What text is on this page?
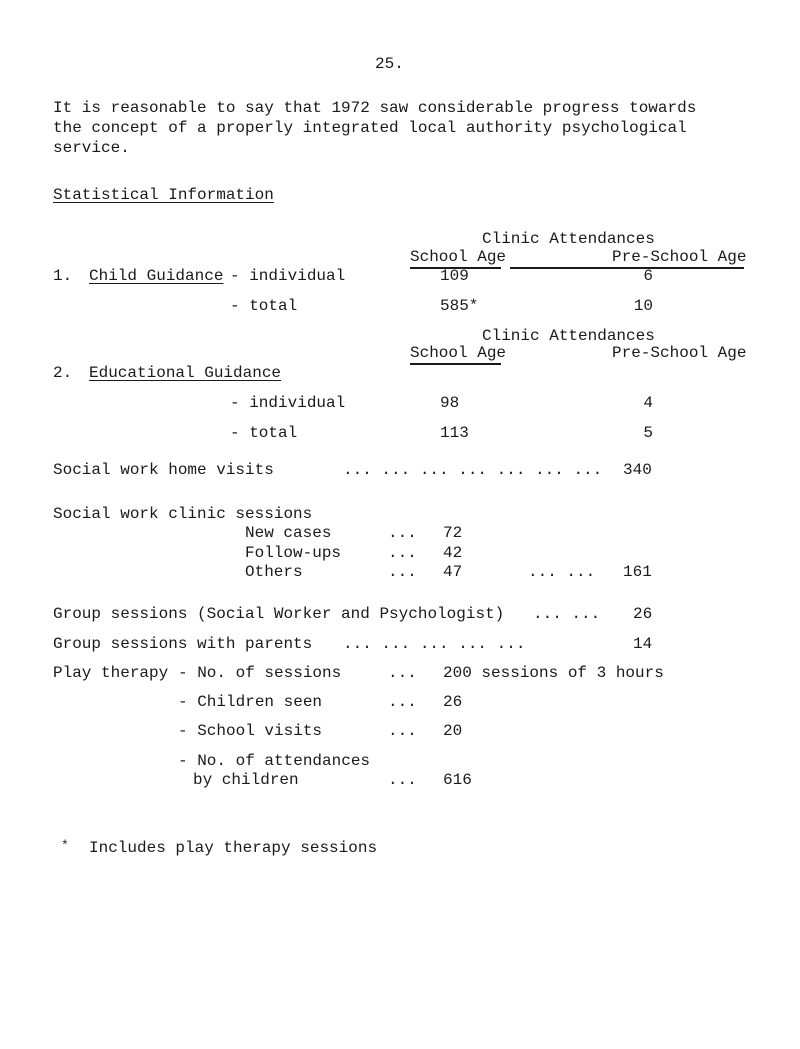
25.
It is reasonable to say that 1972 saw considerable progress towards
the concept of a properly integrated local authority psychological
service.
Statistical Information
Clinic Attendances
School Age	Pre-School Age
1. Child Guidance - individual	109	6
- total	585*	10
Clinic Attendances
School Age	Pre-School Age
2. Educational Guidance
- individual	98	4
- total	113	5
Social work home visits	... ... ... ... ... ... ... 340
Social work clinic sessions
New cases	... 72
Follow-ups	... 42
Others	... 47	... ... 161
Group sessions (Social Worker and Psychologist) ... ... 26
Group sessions with parents ... ... ... ... ...	14
Play therapy - No. of sessions	... 200 sessions of 3 hours
- Children seen	... 26
- School visits	... 20
- No. of attendances
by children	... 616
* Includes play therapy sessions
